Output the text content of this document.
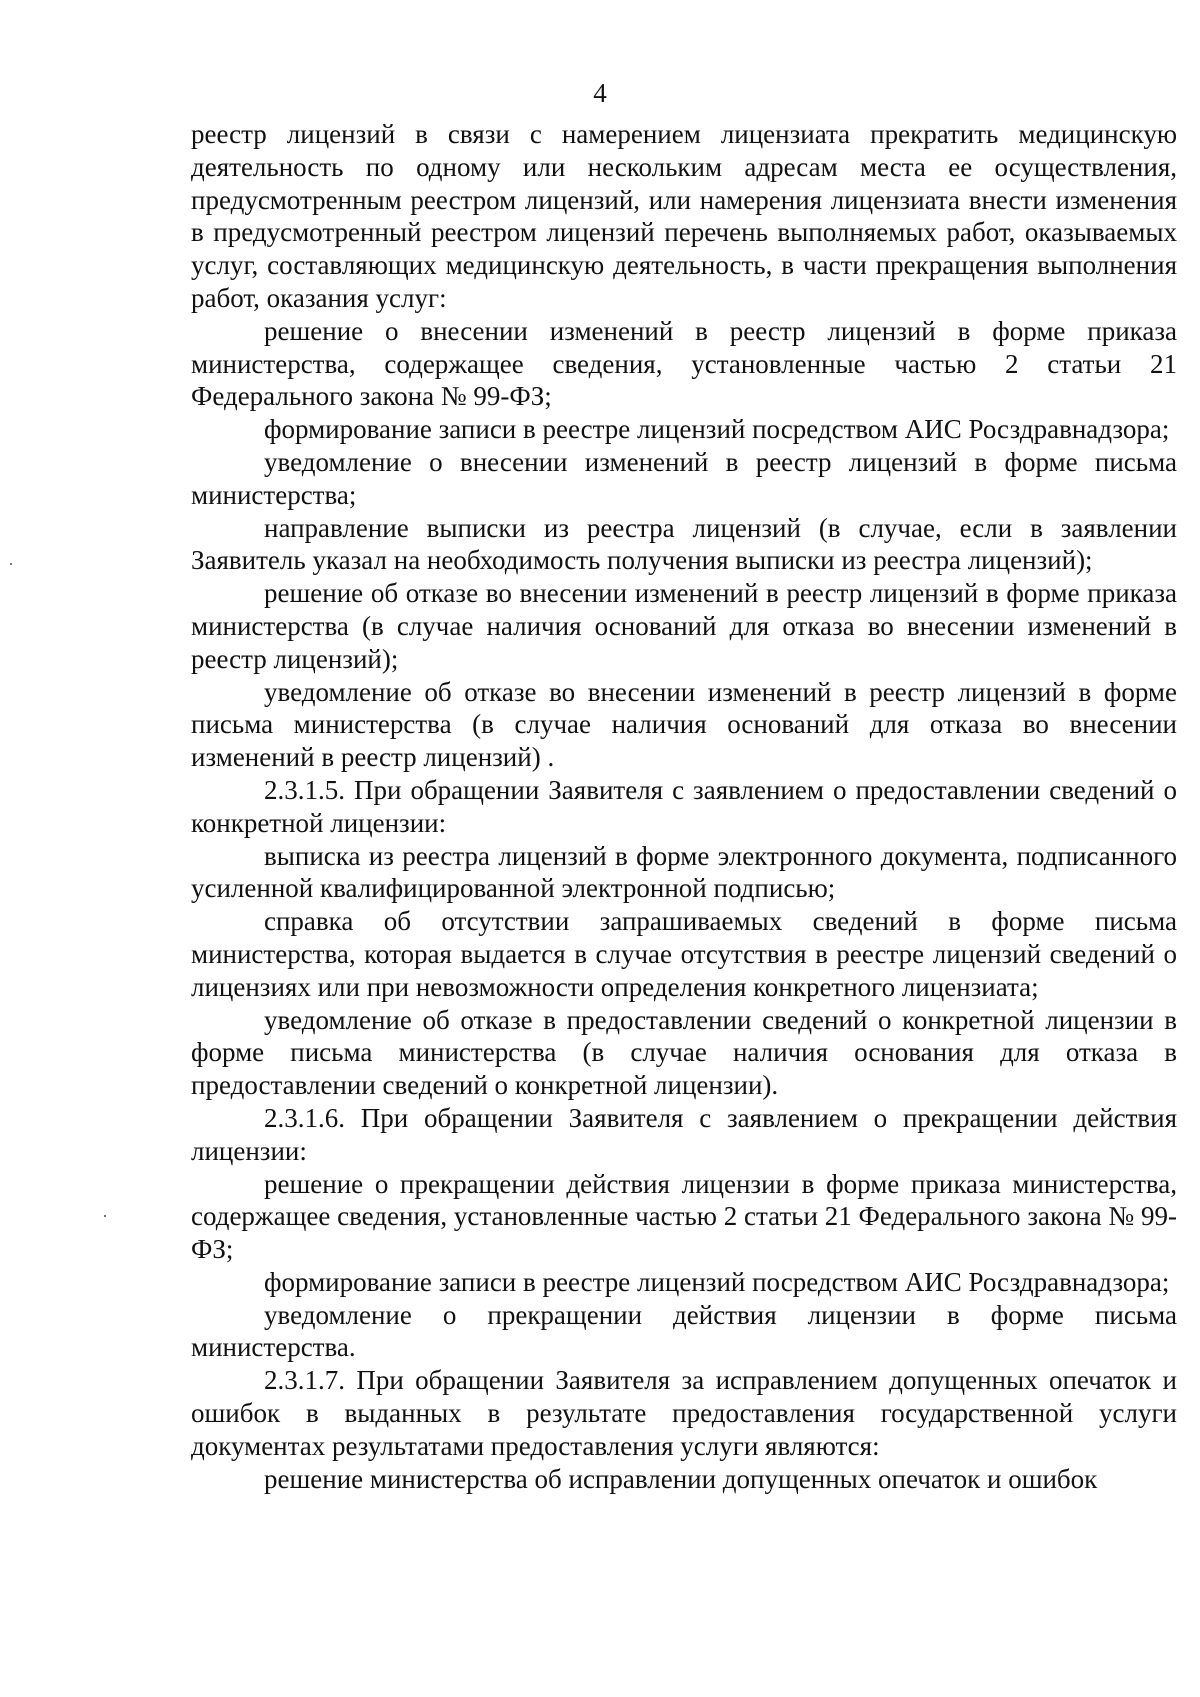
4

реестр лицензий в связи с намерением лицензиата прекратить медицинскую деятельность по одному или нескольким адресам места ее осуществления, предусмотренным реестром лицензий, или намерения лицензиата внести изменения в предусмотренный реестром лицензий перечень выполняемых работ, оказываемых услуг, составляющих медицинскую деятельность, в части прекращения выполнения работ, оказания услуг:

решение о внесении изменений в реестр лицензий в форме приказа министерства, содержащее сведения, установленные частью 2 статьи 21 Федерального закона № 99-ФЗ;

формирование записи в реестре лицензий посредством АИС Росздравнадзора;

уведомление о внесении изменений в реестр лицензий в форме письма министерства;

направление выписки из реестра лицензий (в случае, если в заявлении Заявитель указал на необходимость получения выписки из реестра лицензий);

решение об отказе во внесении изменений в реестр лицензий в форме приказа министерства (в случае наличия оснований для отказа во внесении изменений в реестр лицензий);

уведомление об отказе во внесении изменений в реестр лицензий в форме письма министерства (в случае наличия оснований для отказа во внесении изменений в реестр лицензий) .

2.3.1.5. При обращении Заявителя с заявлением о предоставлении сведений о конкретной лицензии:

выписка из реестра лицензий в форме электронного документа, подписанного усиленной квалифицированной электронной подписью;

справка об отсутствии запрашиваемых сведений в форме письма министерства, которая выдается в случае отсутствия в реестре лицензий сведений о лицензиях или при невозможности определения конкретного лицензиата;

уведомление об отказе в предоставлении сведений о конкретной лицензии в форме письма министерства (в случае наличия основания для отказа в предоставлении сведений о конкретной лицензии).

2.3.1.6. При обращении Заявителя с заявлением о прекращении действия лицензии:

решение о прекращении действия лицензии в форме приказа министерства, содержащее сведения, установленные частью 2 статьи 21 Федерального закона № 99-ФЗ;

формирование записи в реестре лицензий посредством АИС Росздравнадзора;

уведомление о прекращении действия лицензии в форме письма министерства.

2.3.1.7. При обращении Заявителя за исправлением допущенных опечаток и ошибок в выданных в результате предоставления государственной услуги документах результатами предоставления услуги являются:

решение министерства об исправлении допущенных опечаток и ошибок
